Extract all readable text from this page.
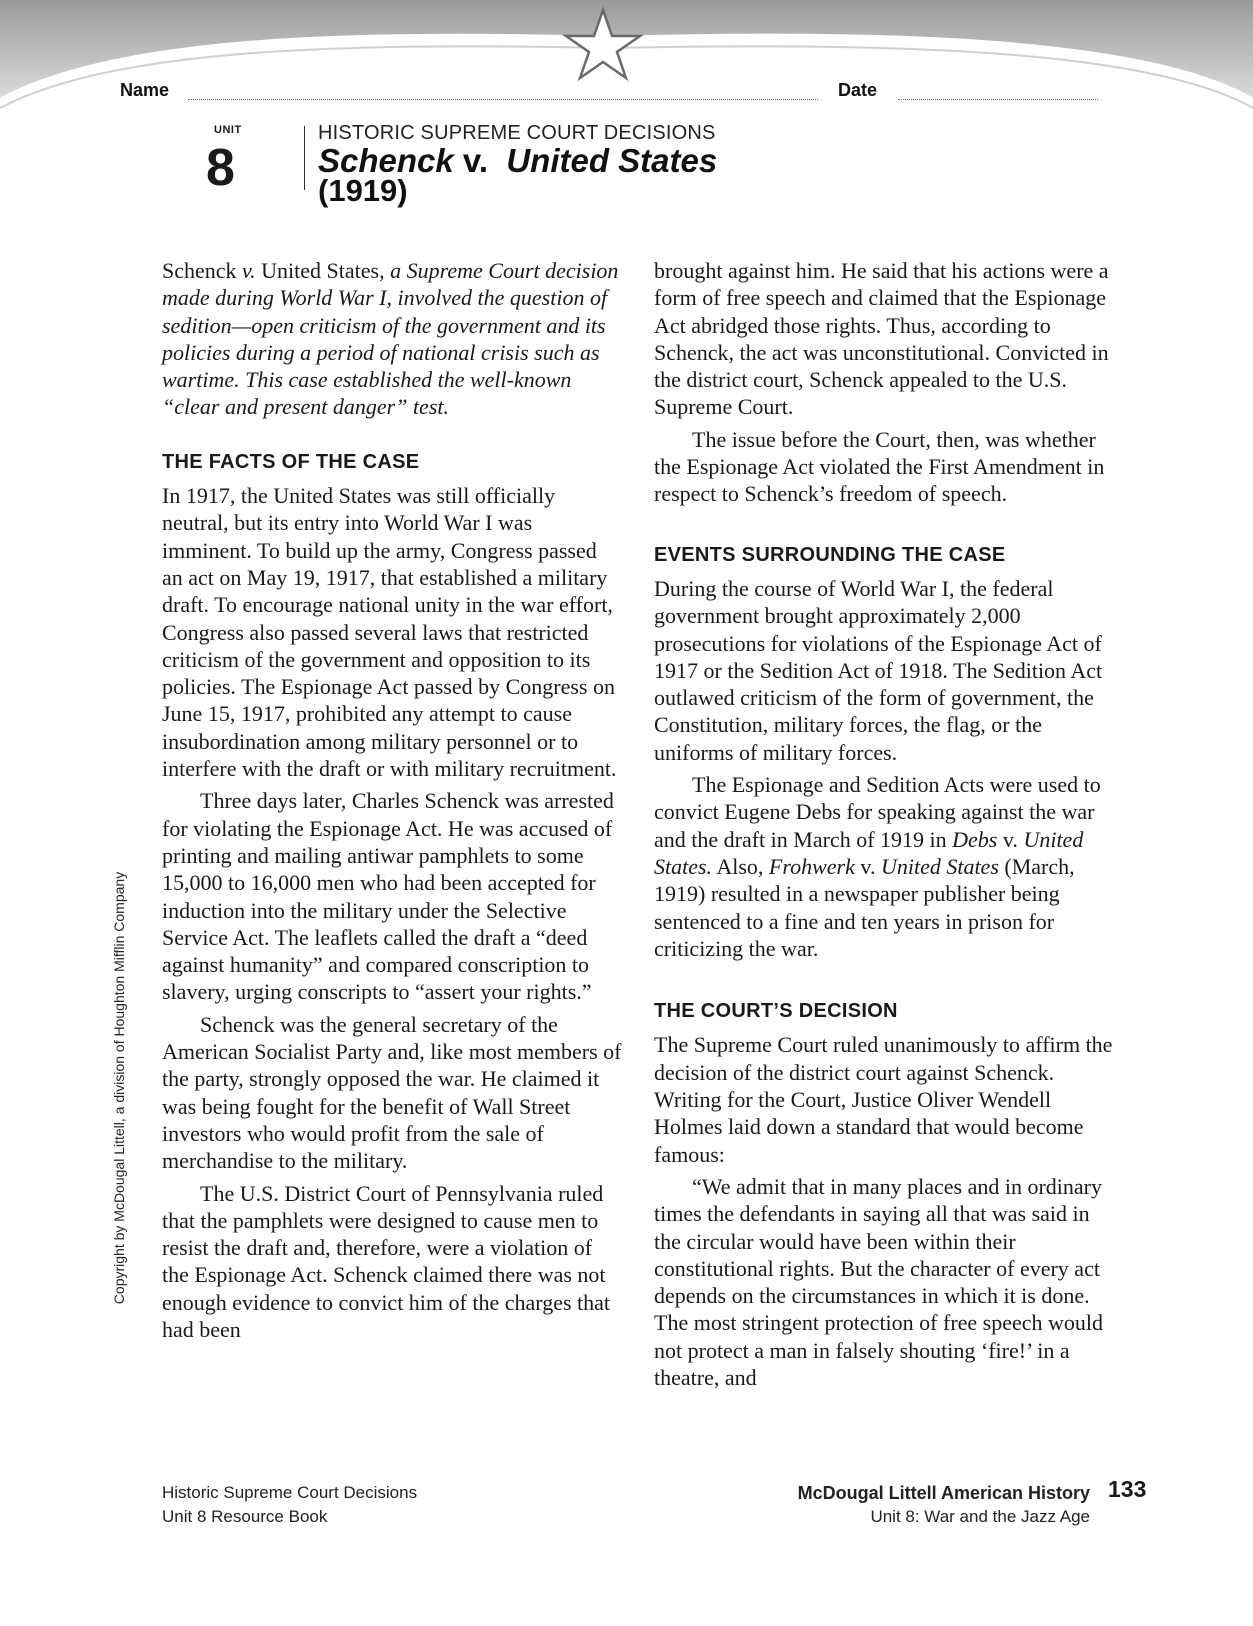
Name	Date
UNIT
8
HISTORIC SUPREME COURT DECISIONS
Schenck v. United States
(1919)

Schenck v. United States, a Supreme Court decision made during World War I, involved the question of sedition—open criticism of the government and its policies during a period of national crisis such as wartime. This case established the well-known “clear and present danger” test.

THE FACTS OF THE CASE

In 1917, the United States was still officially neutral, but its entry into World War I was imminent. To build up the army, Congress passed an act on May 19, 1917, that established a military draft. To encourage national unity in the war effort, Congress also passed several laws that restricted criticism of the government and opposition to its policies. The Espionage Act passed by Congress on June 15, 1917, prohibited any attempt to cause insubordination among military personnel or to interfere with the draft or with military recruitment.

Three days later, Charles Schenck was arrested for violating the Espionage Act. He was accused of printing and mailing antiwar pamphlets to some 15,000 to 16,000 men who had been accepted for induction into the military under the Selective Service Act. The leaflets called the draft a “deed against humanity” and compared conscription to slavery, urging conscripts to “assert your rights.”

Schenck was the general secretary of the American Socialist Party and, like most members of the party, strongly opposed the war. He claimed it was being fought for the benefit of Wall Street investors who would profit from the sale of merchandise to the military.

The U.S. District Court of Pennsylvania ruled that the pamphlets were designed to cause men to resist the draft and, therefore, were a violation of the Espionage Act. Schenck claimed there was not enough evidence to convict him of the charges that had been

brought against him. He said that his actions were a form of free speech and claimed that the Espionage Act abridged those rights. Thus, according to Schenck, the act was unconstitutional. Convicted in the district court, Schenck appealed to the U.S. Supreme Court.

The issue before the Court, then, was whether the Espionage Act violated the First Amendment in respect to Schenck’s freedom of speech.

EVENTS SURROUNDING THE CASE

During the course of World War I, the federal government brought approximately 2,000 prosecutions for violations of the Espionage Act of 1917 or the Sedition Act of 1918. The Sedition Act outlawed criticism of the form of government, the Constitution, military forces, the flag, or the uniforms of military forces.

The Espionage and Sedition Acts were used to convict Eugene Debs for speaking against the war and the draft in March of 1919 in Debs v. United States. Also, Frohwerk v. United States (March, 1919) resulted in a newspaper publisher being sentenced to a fine and ten years in prison for criticizing the war.

THE COURT’S DECISION

The Supreme Court ruled unanimously to affirm the decision of the district court against Schenck. Writing for the Court, Justice Oliver Wendell Holmes laid down a standard that would become famous:

“We admit that in many places and in ordinary times the defendants in saying all that was said in the circular would have been within their constitutional rights. But the character of every act depends on the circumstances in which it is done. The most stringent protection of free speech would not protect a man in falsely shouting ‘fire!’ in a theatre, and

Copyright by McDougal Littell, a division of Houghton Mifflin Company
Historic Supreme Court Decisions
Unit 8 Resource Book
McDougal Littell American History
Unit 8: War and the Jazz Age
133
